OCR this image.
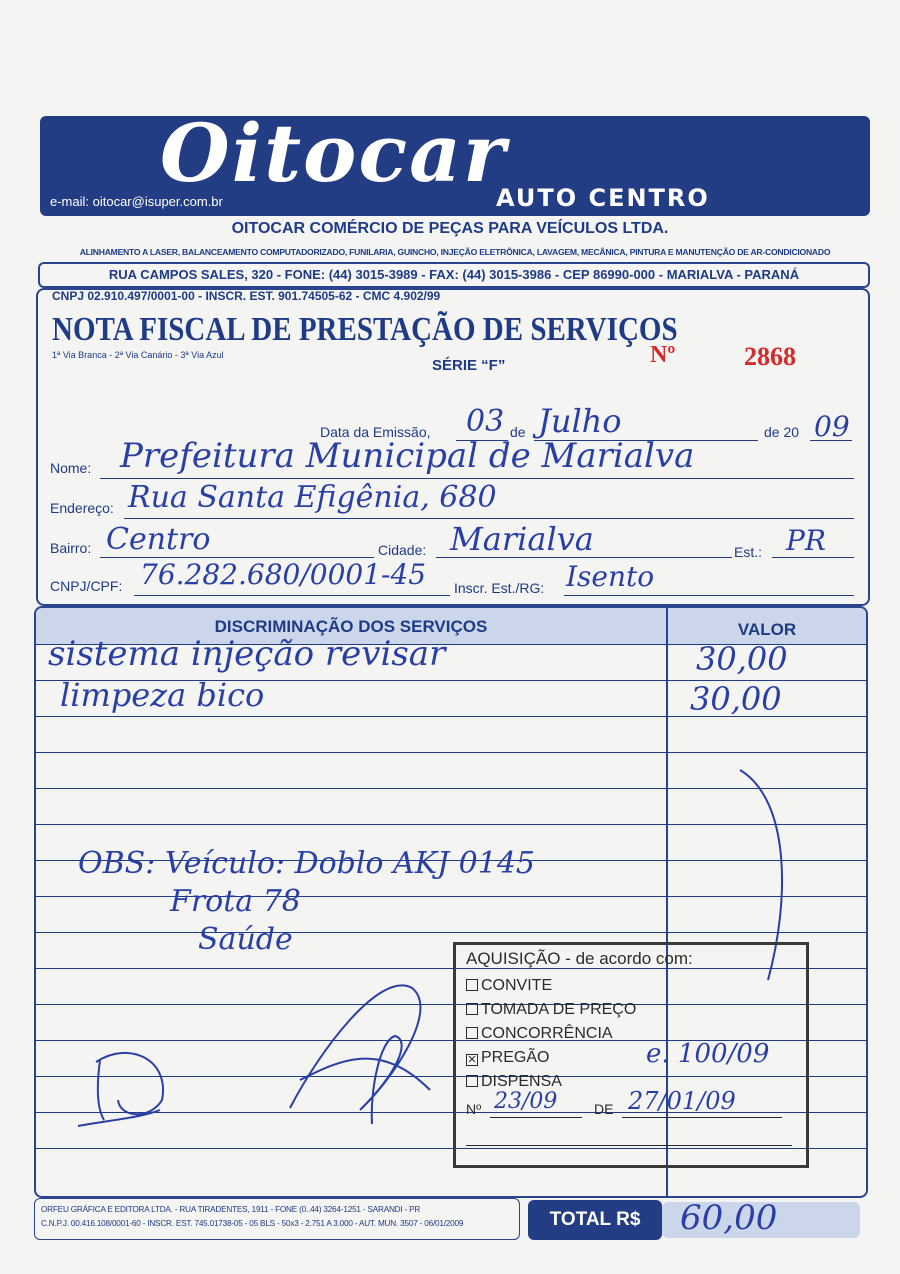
Oitocar
AUTO CENTRO
e-mail: oitocar@isuper.com.br
OITOCAR COMÉRCIO DE PEÇAS PARA VEÍCULOS LTDA.
ALINHAMENTO A LASER, BALANCEAMENTO COMPUTADORIZADO, FUNILARIA, GUINCHO, INJEÇÃO ELETRÔNICA, LAVAGEM, MECÂNICA, PINTURA E MANUTENÇÃO DE AR-CONDICIONADO
RUA CAMPOS SALES, 320 - FONE: (44) 3015-3989 - FAX: (44) 3015-3986 - CEP 86990-000 - MARIALVA - PARANÁ
CNPJ 02.910.497/0001-00 - INSCR. EST. 901.74505-62 - CMC 4.902/99
NOTA FISCAL DE PRESTAÇÃO DE SERVIÇOS
1ª Via Branca - 2ª Via Canário - 3ª Via Azul
SÉRIE “F”	Nº	2868
Data da Emissão, 03 de Julho	de 20 09
Nome: Prefeitura Municipal de Marialva
Endereço: Rua Santa Efigênia, 680
Bairro: Centro	Cidade: Marialva	Est.: PR
CNPJ/CPF: 76.282.680/0001-45 Inscr. Est./RG: Isento
DISCRIMINAÇÃO DOS SERVIÇOS	VALOR
sistema injeção revisar	30,00
limpeza bico	30,00
OBS: Veículo: Doblo AKJ 0145
Frota 78
Saúde
AQUISIÇÃO - de acordo com:
CONVITE
TOMADA DE PREÇO
CONCORRÊNCIA
✕ PREGÃO
DISPENSA
e. 100/09
Nº 23/09	DE 27/01/09
ORFEU GRÁFICA E EDITORA LTDA. - RUA TIRADENTES, 1911 - FONE (0..44) 3264-1251 - SARANDI - PR
C.N.P.J. 00.416.108/0001-60 - INSCR. EST. 745.01738-05 - 05 BLS - 50x3 - 2.751 A 3.000 - AUT. MUN. 3507 - 06/01/2009	TOTAL R$	60,00
